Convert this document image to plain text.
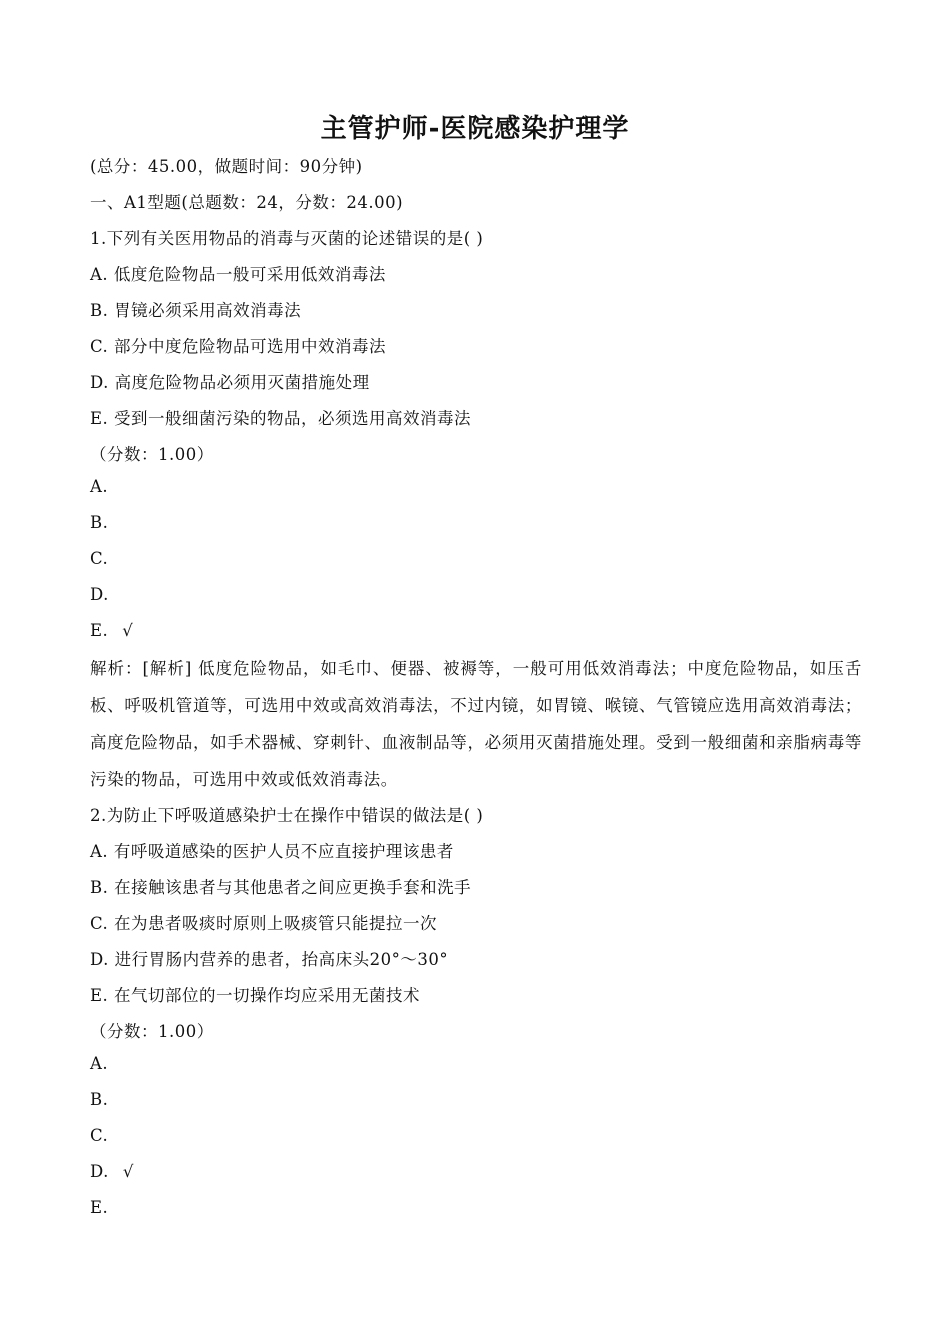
主管护师-医院感染护理学
(总分：45.00，做题时间：90分钟)
一、A1型题(总题数：24，分数：24.00)
1.下列有关医用物品的消毒与灭菌的论述错误的是( )
A. 低度危险物品一般可采用低效消毒法
B. 胃镜必须采用高效消毒法
C. 部分中度危险物品可选用中效消毒法
D. 高度危险物品必须用灭菌措施处理
E. 受到一般细菌污染的物品，必须选用高效消毒法
（分数：1.00）
A.
B.
C.
D.
E. √
解析：[解析] 低度危险物品，如毛巾、便器、被褥等，一般可用低效消毒法；中度危险物品，如压舌板、呼吸机管道等，可选用中效或高效消毒法，不过内镜，如胃镜、喉镜、气管镜应选用高效消毒法；高度危险物品，如手术器械、穿刺针、血液制品等，必须用灭菌措施处理。受到一般细菌和亲脂病毒等污染的物品，可选用中效或低效消毒法。
2.为防止下呼吸道感染护士在操作中错误的做法是( )
A. 有呼吸道感染的医护人员不应直接护理该患者
B. 在接触该患者与其他患者之间应更换手套和洗手
C. 在为患者吸痰时原则上吸痰管只能提拉一次
D. 进行胃肠内营养的患者，抬高床头20°～30°
E. 在气切部位的一切操作均应采用无菌技术
（分数：1.00）
A.
B.
C.
D. √
E.
